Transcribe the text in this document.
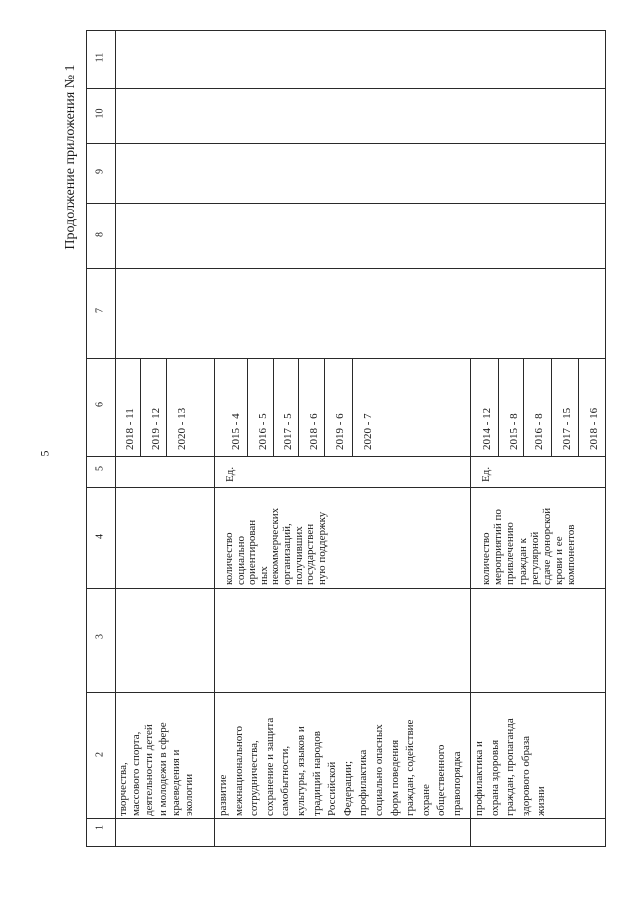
5
Продолжение приложения № 1
1
2
3
4
5
6
7
8
9
10
11
творчества, массового спорта, деятельности детей и молодежи в сфере краеведения и экологии
2018 - 11 2019 - 12 2020 - 13
развитие межнационального сотрудничества, сохранение и защита самобытности, культуры, языков и традиций народов Российской Федерации; профилактика социально опасных форм поведения граждан, содействие охране общественного правопорядка
количество социально ориентирован ных некоммерческих организаций, получивших государствен ную поддержку
Ед.
2015 - 4 2016 - 5 2017 - 5 2018 - 6 2019 - 6 2020 - 7
профилактика и охрана здоровья граждан, пропаганда здорового образа жизни
количество мероприятий по привлечению граждан к регулярной сдаче донорской крови и ее компонентов
Ед.
2014 - 12 2015 - 8 2016 - 8 2017 - 15 2018 - 16
